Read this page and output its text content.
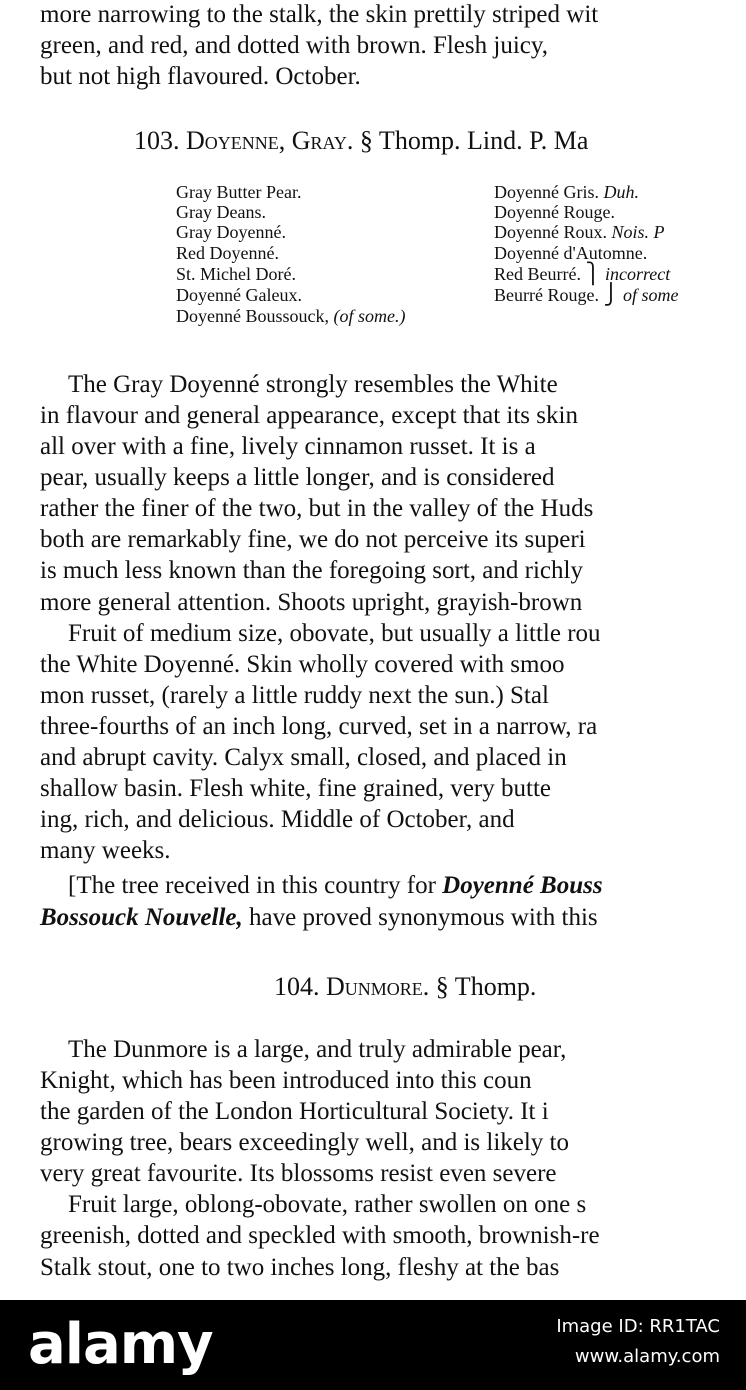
more narrowing to the stalk, the skin prettily striped wit
green, and red, and dotted with brown. Flesh juicy,
but not high flavoured. October.
103. Doyenne, Gray. § Thomp. Lind. P. Ma
Gray Butter Pear.
Gray Deans.
Gray Doyenné.
Red Doyenné.
St. Michel Doré.
Doyenné Galeux.
Doyenné Boussouck, (of some.)
Doyenné Gris. Duh.
Doyenné Rouge.
Doyenné Roux. Nois. P
Doyenné d'Automne.
Red Beurré. ⎫ incorrect
Beurré Rouge. ⎭ of some
The Gray Doyenné strongly resembles the White
in flavour and general appearance, except that its skin
all over with a fine, lively cinnamon russet. It is a
pear, usually keeps a little longer, and is considered
rather the finer of the two, but in the valley of the Huds
both are remarkably fine, we do not perceive its superi
is much less known than the foregoing sort, and richly
more general attention. Shoots upright, grayish-brown
Fruit of medium size, obovate, but usually a little rou
the White Doyenné. Skin wholly covered with smoo
mon russet, (rarely a little ruddy next the sun.) Stal
three-fourths of an inch long, curved, set in a narrow, ra
and abrupt cavity. Calyx small, closed, and placed in
shallow basin. Flesh white, fine grained, very butte
ing, rich, and delicious. Middle of October, and
many weeks.
[The tree received in this country for Doyenné Bouss
Bossouck Nouvelle, have proved synonymous with this
104. Dunmore. § Thomp.
The Dunmore is a large, and truly admirable pear,
Knight, which has been introduced into this coun
the garden of the London Horticultural Society. It i
growing tree, bears exceedingly well, and is likely to
very great favourite. Its blossoms resist even severe
Fruit large, oblong-obovate, rather swollen on one s
greenish, dotted and speckled with smooth, brownish-re
Stalk stout, one to two inches long, fleshy at the bas
alamy	Image ID: RR1TAC
www.alamy.com
